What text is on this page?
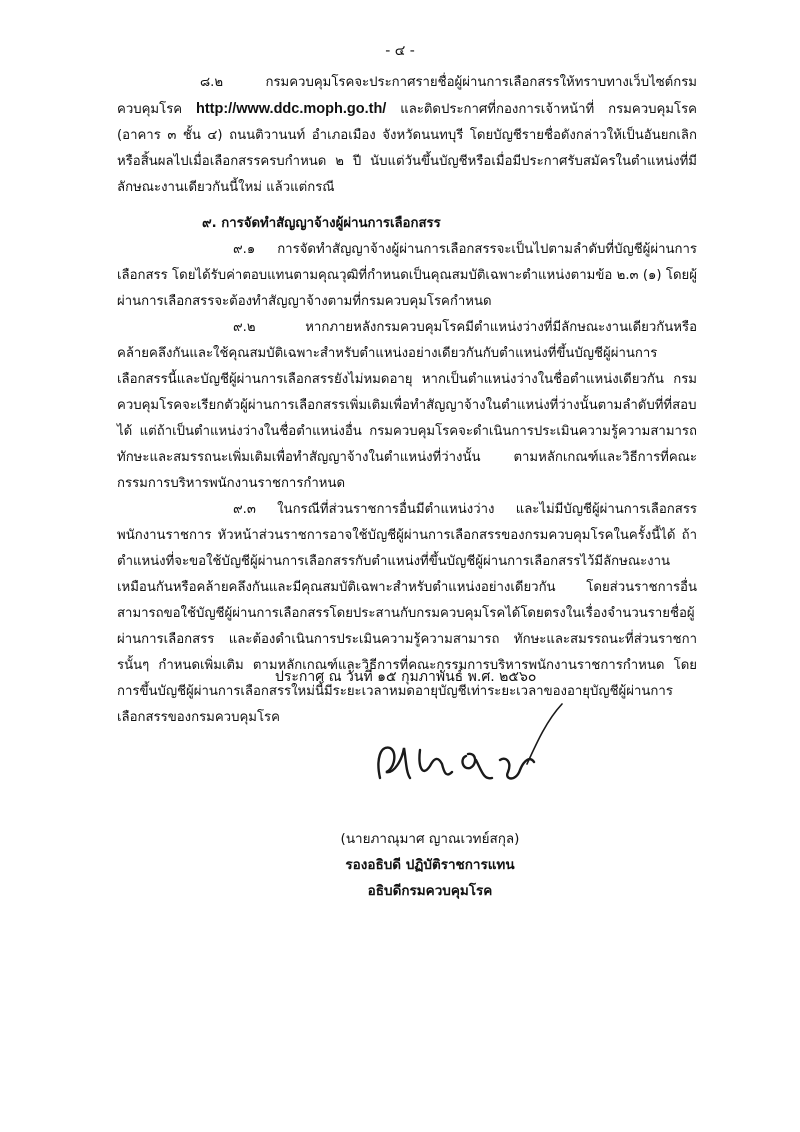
- ๔ -

๘.๒ กรมควบคุมโรคจะประกาศรายชื่อผู้ผ่านการเลือกสรรให้ทราบทางเว็บไซต์กรมควบคุมโรค http://www.ddc.moph.go.th/ และติดประกาศที่กองการเจ้าหน้าที่ กรมควบคุมโรค (อาคาร ๓ ชั้น ๔) ถนนติวานนท์ อำเภอเมือง จังหวัดนนทบุรี โดยบัญชีรายชื่อดังกล่าวให้เป็นอันยกเลิกหรือสิ้นผลไปเมื่อเลือกสรรครบกำหนด ๒ ปี นับแต่วันขึ้นบัญชีหรือเมื่อมีประกาศรับสมัครในตำแหน่งที่มีลักษณะงานเดียวกันนี้ใหม่ แล้วแต่กรณี

๙. การจัดทำสัญญาจ้างผู้ผ่านการเลือกสรร

๙.๑ การจัดทำสัญญาจ้างผู้ผ่านการเลือกสรรจะเป็นไปตามลำดับที่บัญชีผู้ผ่านการเลือกสรร โดยได้รับค่าตอบแทนตามคุณวุฒิที่กำหนดเป็นคุณสมบัติเฉพาะตำแหน่งตามข้อ ๒.๓ (๑) โดยผู้ผ่านการเลือกสรรจะต้องทำสัญญาจ้างตามที่กรมควบคุมโรคกำหนด

๙.๒ หากภายหลังกรมควบคุมโรคมีตำแหน่งว่างที่มีลักษณะงานเดียวกันหรือคล้ายคลึงกันและใช้คุณสมบัติเฉพาะสำหรับตำแหน่งอย่างเดียวกันกับตำแหน่งที่ขึ้นบัญชีผู้ผ่านการเลือกสรรนี้และบัญชีผู้ผ่านการเลือกสรรยังไม่หมดอายุ หากเป็นตำแหน่งว่างในชื่อตำแหน่งเดียวกัน กรมควบคุมโรคจะเรียกตัวผู้ผ่านการเลือกสรรเพิ่มเติมเพื่อทำสัญญาจ้างในตำแหน่งที่ว่างนั้นตามลำดับที่ที่สอบได้ แต่ถ้าเป็นตำแหน่งว่างในชื่อตำแหน่งอื่น กรมควบคุมโรคจะดำเนินการประเมินความรู้ความสามารถ ทักษะและสมรรถนะเพิ่มเติมเพื่อทำสัญญาจ้างในตำแหน่งที่ว่างนั้น ตามหลักเกณฑ์และวิธีการที่คณะกรรมการบริหารพนักงานราชการกำหนด

๙.๓ ในกรณีที่ส่วนราชการอื่นมีตำแหน่งว่าง และไม่มีบัญชีผู้ผ่านการเลือกสรรพนักงานราชการ หัวหน้าส่วนราชการอาจใช้บัญชีผู้ผ่านการเลือกสรรของกรมควบคุมโรคในครั้งนี้ได้ ถ้าตำแหน่งที่จะขอใช้บัญชีผู้ผ่านการเลือกสรรกับตำแหน่งที่ขึ้นบัญชีผู้ผ่านการเลือกสรรไว้มีลักษณะงานเหมือนกันหรือคล้ายคลึงกันและมีคุณสมบัติเฉพาะสำหรับตำแหน่งอย่างเดียวกัน โดยส่วนราชการอื่นสามารถขอใช้บัญชีผู้ผ่านการเลือกสรรโดยประสานกับกรมควบคุมโรคได้โดยตรงในเรื่องจำนวนรายชื่อผู้ผ่านการเลือกสรร และต้องดำเนินการประเมินความรู้ความสามารถ ทักษะและสมรรถนะที่ส่วนราชการนั้นๆ กำหนดเพิ่มเติม ตามหลักเกณฑ์และวิธีการที่คณะกรรมการบริหารพนักงานราชการกำหนด โดยการขึ้นบัญชีผู้ผ่านการเลือกสรรใหม่นี้มีระยะเวลาหมดอายุบัญชีเท่าระยะเวลาของอายุบัญชีผู้ผ่านการเลือกสรรของกรมควบคุมโรค

ประกาศ ณ วันที่ ๑๕ กุมภาพันธ์ พ.ศ. ๒๕๖๐
(นายภาณุมาศ ญาณเวทย์สกุล)
รองอธิบดี ปฏิบัติราชการแทน
อธิบดีกรมควบคุมโรค
